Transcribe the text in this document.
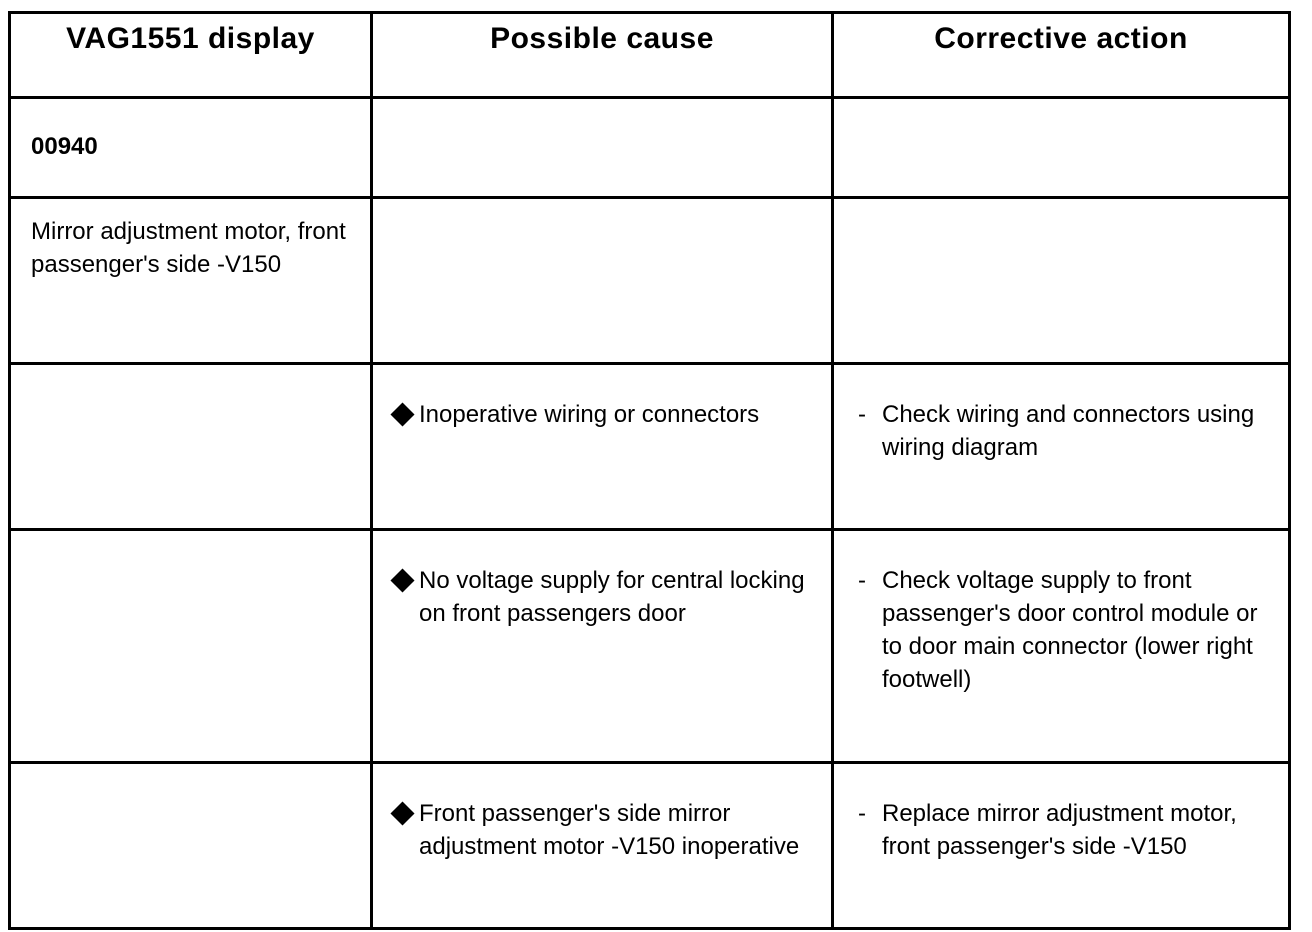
VAG1551 display	Possible cause	Corrective action

00940		

Mirror adjustment motor, front passenger's side -V150		

	Inoperative wiring or connectors	- Check wiring and connectors using wiring diagram

	No voltage supply for central locking on front passengers door	- Check voltage supply to front passenger's door control module or to door main connector (lower right footwell)

	Front passenger's side mirror adjustment motor -V150 inoperative	- Replace mirror adjustment motor, front passenger's side -V150
